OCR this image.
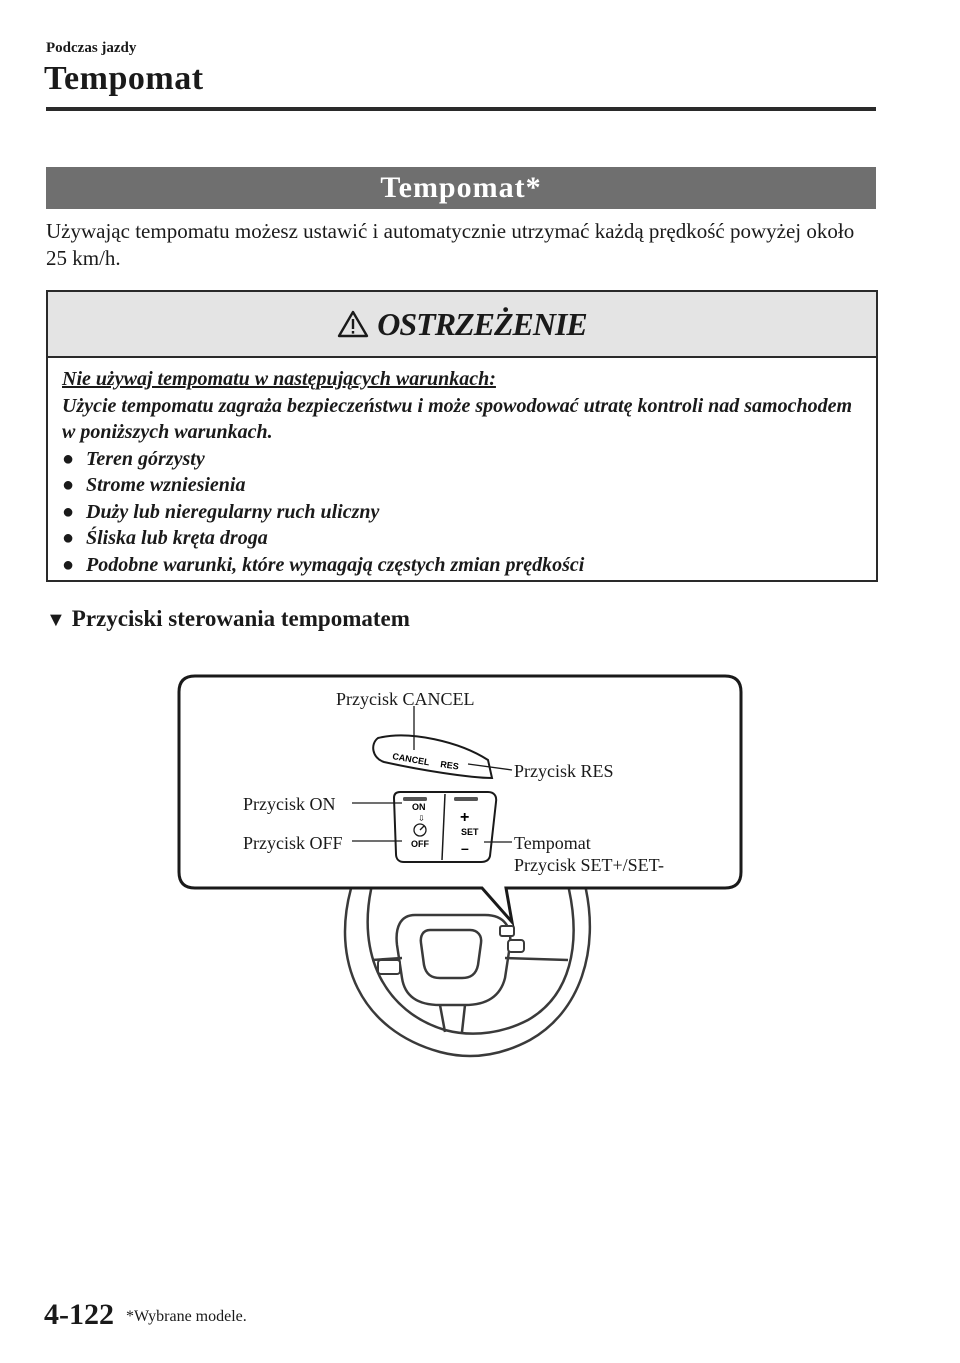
Podczas jazdy
Tempomat
Tempomat*
Używając tempomatu możesz ustawić i automatycznie utrzymać każdą prędkość powyżej około 25 km/h.
OSTRZEŻENIE
Nie używaj tempomatu w następujących warunkach:
Użycie tempomatu zagraża bezpieczeństwu i może spowodować utratę kontroli nad samochodem w poniższych warunkach.
● Teren górzysty
● Strome wzniesienia
● Duży lub nieregularny ruch uliczny
● Śliska lub kręta droga
● Podobne warunki, które wymagają częstych zmian prędkości
▼ Przyciski sterowania tempomatem
CANCEL RES
ON
⇩
OFF
+
SET
–
Przycisk CANCEL
Przycisk RES
Przycisk ON
Przycisk OFF	Tempomat
Przycisk SET+/SET-
4-122 *Wybrane modele.
